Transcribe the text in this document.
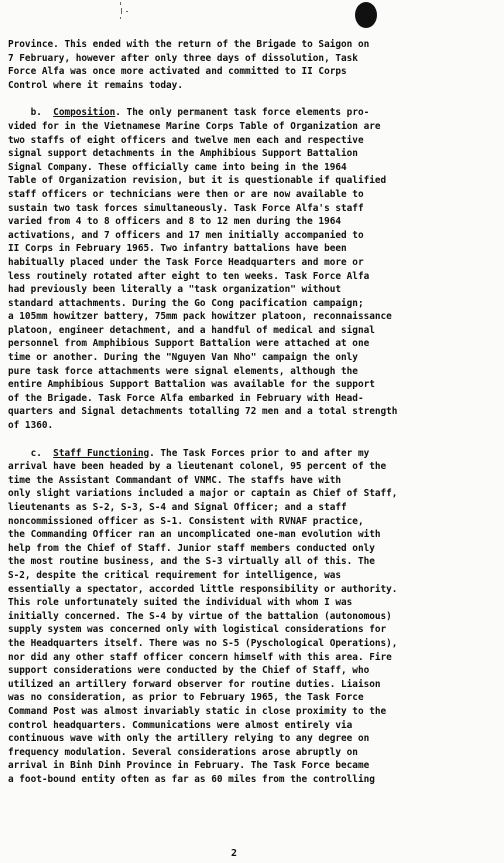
Province. This ended with the return of the Brigade to Saigon on
7 February, however after only three days of dissolution, Task
Force Alfa was once more activated and committed to II Corps
Control where it remains today.
b. Composition. The only permanent task force elements pro-
vided for in the Vietnamese Marine Corps Table of Organization are
two staffs of eight officers and twelve men each and respective
signal support detachments in the Amphibious Support Battalion
Signal Company. These officially came into being in the 1964
Table of Organization revision, but it is questionable if qualified
staff officers or technicians were then or are now available to
sustain two task forces simultaneously. Task Force Alfa's staff
varied from 4 to 8 officers and 8 to 12 men during the 1964
activations, and 7 officers and 17 men initially accompanied to
II Corps in February 1965. Two infantry battalions have been
habitually placed under the Task Force Headquarters and more or
less routinely rotated after eight to ten weeks. Task Force Alfa
had previously been literally a "task organization" without
standard attachments. During the Go Cong pacification campaign;
a 105mm howitzer battery, 75mm pack howitzer platoon, reconnaissance
platoon, engineer detachment, and a handful of medical and signal
personnel from Amphibious Support Battalion were attached at one
time or another. During the "Nguyen Van Nho" campaign the only
pure task force attachments were signal elements, although the
entire Amphibious Support Battalion was available for the support
of the Brigade. Task Force Alfa embarked in February with Head-
quarters and Signal detachments totalling 72 men and a total strength
of 1360.
c. Staff Functioning. The Task Forces prior to and after my
arrival have been headed by a lieutenant colonel, 95 percent of the
time the Assistant Commandant of VNMC. The staffs have with
only slight variations included a major or captain as Chief of Staff,
lieutenants as S-2, S-3, S-4 and Signal Officer; and a staff
noncommissioned officer as S-1. Consistent with RVNAF practice,
the Commanding Officer ran an uncomplicated one-man evolution with
help from the Chief of Staff. Junior staff members conducted only
the most routine business, and the S-3 virtually all of this. The
S-2, despite the critical requirement for intelligence, was
essentially a spectator, accorded little responsibility or authority.
This role unfortunately suited the individual with whom I was
initially concerned. The S-4 by virtue of the battalion (autonomous)
supply system was concerned only with logistical considerations for
the Headquarters itself. There was no S-5 (Pyschological Operations),
nor did any other staff officer concern himself with this area. Fire
support considerations were conducted by the Chief of Staff, who
utilized an artillery forward observer for routine duties. Liaison
was no consideration, as prior to February 1965, the Task Force
Command Post was almost invariably static in close proximity to the
control headquarters. Communications were almost entirely via
continuous wave with only the artillery relying to any degree on
frequency modulation. Several considerations arose abruptly on
arrival in Binh Dinh Province in February. The Task Force became
a foot-bound entity often as far as 60 miles from the controlling
2
